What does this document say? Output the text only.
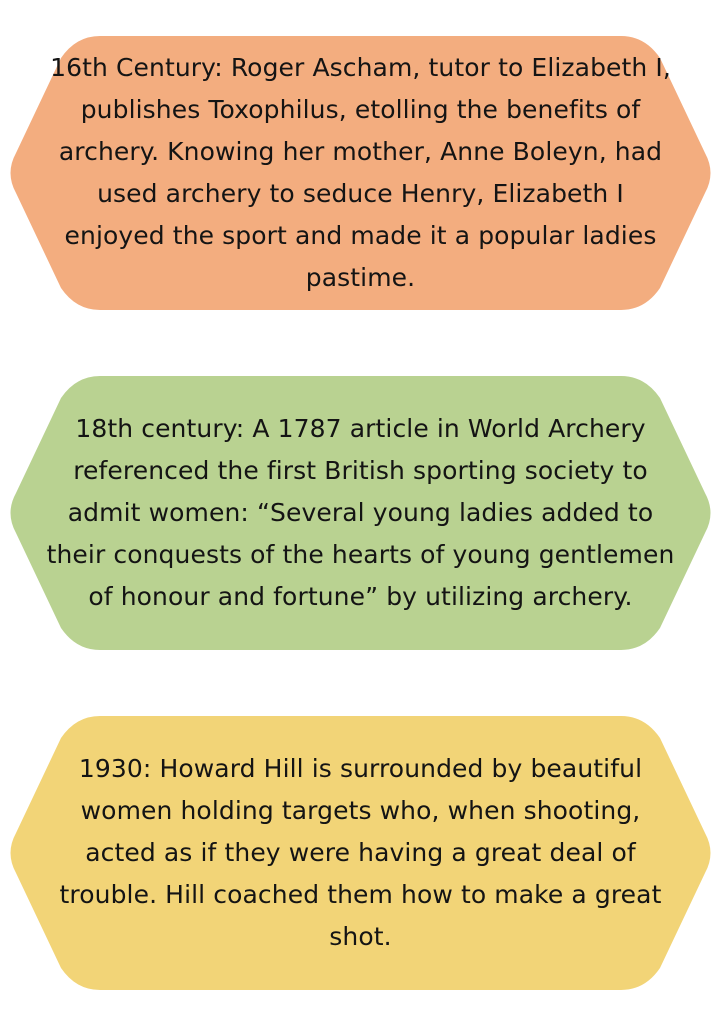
16th Century: Roger Ascham, tutor to Elizabeth I, publishes Toxophilus, etolling the benefits of archery. Knowing her mother, Anne Boleyn, had used archery to seduce Henry, Elizabeth I enjoyed the sport and made it a popular ladies pastime.
18th century: A 1787 article in World Archery referenced the first British sporting society to admit women: “Several young ladies added to their conquests of the hearts of young gentlemen of honour and fortune” by utilizing archery.
1930: Howard Hill is surrounded by beautiful women holding targets who, when shooting, acted as if they were having a great deal of trouble. Hill coached them how to make a great shot.
